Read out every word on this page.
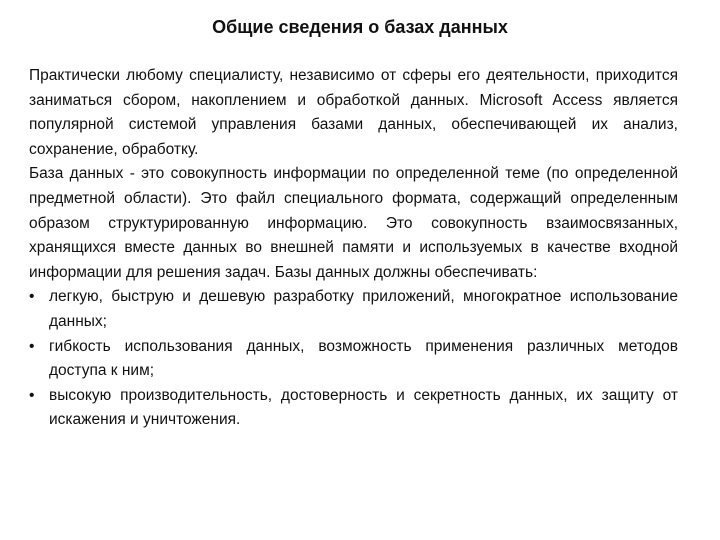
Общие сведения о базах данных

Практически любому специалисту, независимо от сферы его деятельности, приходится заниматься сбором, накоплением и обработкой данных. Microsoft Access является популярной системой управления базами данных, обеспечивающей их анализ, сохранение, обработку.

База данных - это совокупность информации по определенной теме (по определенной предметной области). Это файл специального формата, содержащий определенным образом структурированную информацию. Это совокупность взаимосвязанных, хранящихся вместе данных во внешней памяти и используемых в качестве входной информации для решения задач. Базы данных должны обеспечивать:

• легкую, быструю и дешевую разработку приложений, многократное использование данных;
• гибкость использования данных, возможность применения различных методов доступа к ним;
• высокую производительность, достоверность и секретность данных, их защиту от искажения и уничтожения.
